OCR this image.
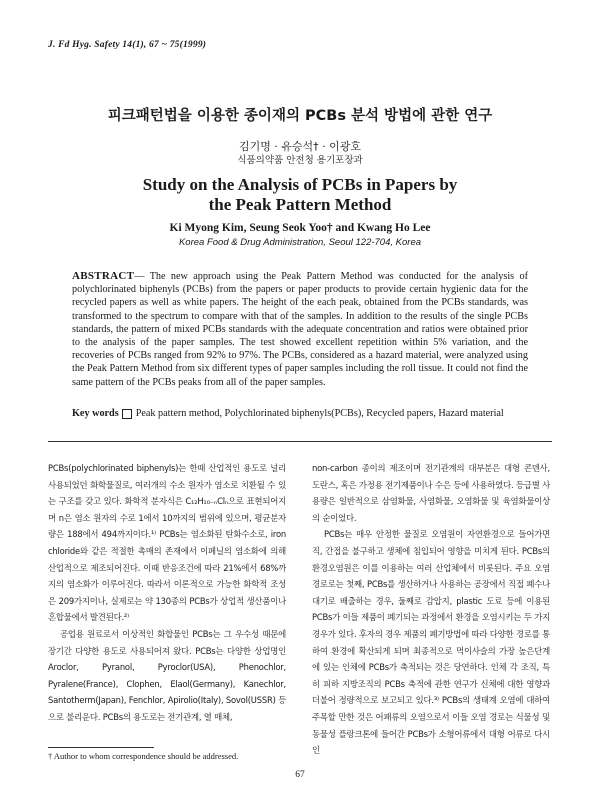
J. Fd Hyg. Safety 14(1), 67 ~ 75(1999)
피크패턴법을 이용한 종이재의 PCBs 분석 방법에 관한 연구
김기명 · 유승석† · 이광호
식품의약품 안전청 용기포장과
Study on the Analysis of PCBs in Papers by
the Peak Pattern Method
Ki Myong Kim, Seung Seok Yoo† and Kwang Ho Lee
Korea Food & Drug Administration, Seoul 122-704, Korea
ABSTRACT— The new approach using the Peak Pattern Method was conducted for the analysis of polychlorinated biphenyls (PCBs) from the papers or paper products to provide certain hygienic data for the recycled papers as well as white papers. The height of the each peak, obtained from the PCBs standards, was transformed to the spectrum to compare with that of the samples. In addition to the results of the single PCBs standards, the pattern of mixed PCBs standards with the adequate concentration and ratios were obtained prior to the analysis of the paper samples. The test showed excellent repetition within 5% variation, and the recoveries of PCBs ranged from 92% to 97%. The PCBs, considered as a hazard material, were analyzed using the Peak Pattern Method from six different types of paper samples including the roll tissue. It could not find the same pattern of the PCBs peaks from all of the paper samples.
Key words Peak pattern method, Polychlorinated biphenyls(PCBs), Recycled papers, Hazard material

PCBs(polychlorinated biphenyls)는 한때 산업적인 용도로 널리 사용되었던 화학물질로, 여러개의 수소 원자가 염소로 치환될 수 있는 구조를 갖고 있다. 화학적 분자식은 C₁₂H₁₀₋ₙClₙ으로 표현되어지며 n은 염소 원자의 수로 1에서 10까지의 범위에 있으며, 평균분자량은 188에서 494까지이다.¹⁾ PCBs는 염소화된 탄화수소로, iron chloride와 같은 적절한 촉매의 존재에서 이페닐의 염소화에 의해 산업적으로 제조되어진다. 이때 반응조건에 따라 21%에서 68%까지의 염소화가 이루어진다. 따라서 이론적으로 가능한 화학적 조성은 209가지이나, 실제로는 약 130종의 PCBs가 상업적 생산품이나 혼합물에서 발견된다.²⁾

공업용 원료로서 이상적인 화합물인 PCBs는 그 우수성 때문에 장기간 다양한 용도로 사용되어져 왔다. PCBs는 다양한 상업명인 Aroclor, Pyranol, Pyroclor(USA), Phenochlor, Pyralene(France), Clophen, Elaol(Germany), Kanechlor, Santotherm(Japan), Fenchlor, Apirolio(Italy), Sovol(USSR) 등으로 불리운다. PCBs의 용도로는 전기관계, 열 매체,

non-carbon 종이의 제조이며 전기관계의 대부분은 대형 콘덴사, 도란스, 혹은 가정용 전기제품이나 수은 등에 사용하였다. 등급별 사용량은 일반적으로 삼염화물, 사염화물, 오염화물 및 육염화물이상의 순이었다.

PCBs는 매우 안정한 물질로 오염원이 자연환경으로 들어가면 직, 간접을 불구하고 생체에 침입되어 영향을 미치게 된다. PCBs의 환경오염원은 이를 이용하는 여러 산업체에서 비롯된다. 주요 오염경로로는 첫째, PCBs를 생산하거나 사용하는 공장에서 직접 폐수나 대기로 배출하는 경우, 둘째로 감압지, plastic 도료 등에 이용된 PCBs가 이들 제품이 폐기되는 과정에서 환경을 오염시키는 두 가지 경우가 있다. 후자의 경우 제품의 폐기방법에 따라 다양한 경로를 통하여 환경에 확산되게 되며 최종적으로 먹이사슬의 가장 높은단계에 있는 인체에 PCBs가 축적되는 것은 당연하다. 인체 각 조직, 특히 피하 지방조직의 PCBs 축적에 관한 연구가 신체에 대한 영향과 더불어 정량적으로 보고되고 있다.³⁾ PCBs의 생태계 오염에 대하여 주목할 만한 것은 어패류의 오염으로서 이들 오염 경로는 식물성 및 동물성 플랑크톤에 들어간 PCBs가 소형어류에서 대형 어류로 다시 인

† Author to whom correspondence should be addressed.
67
